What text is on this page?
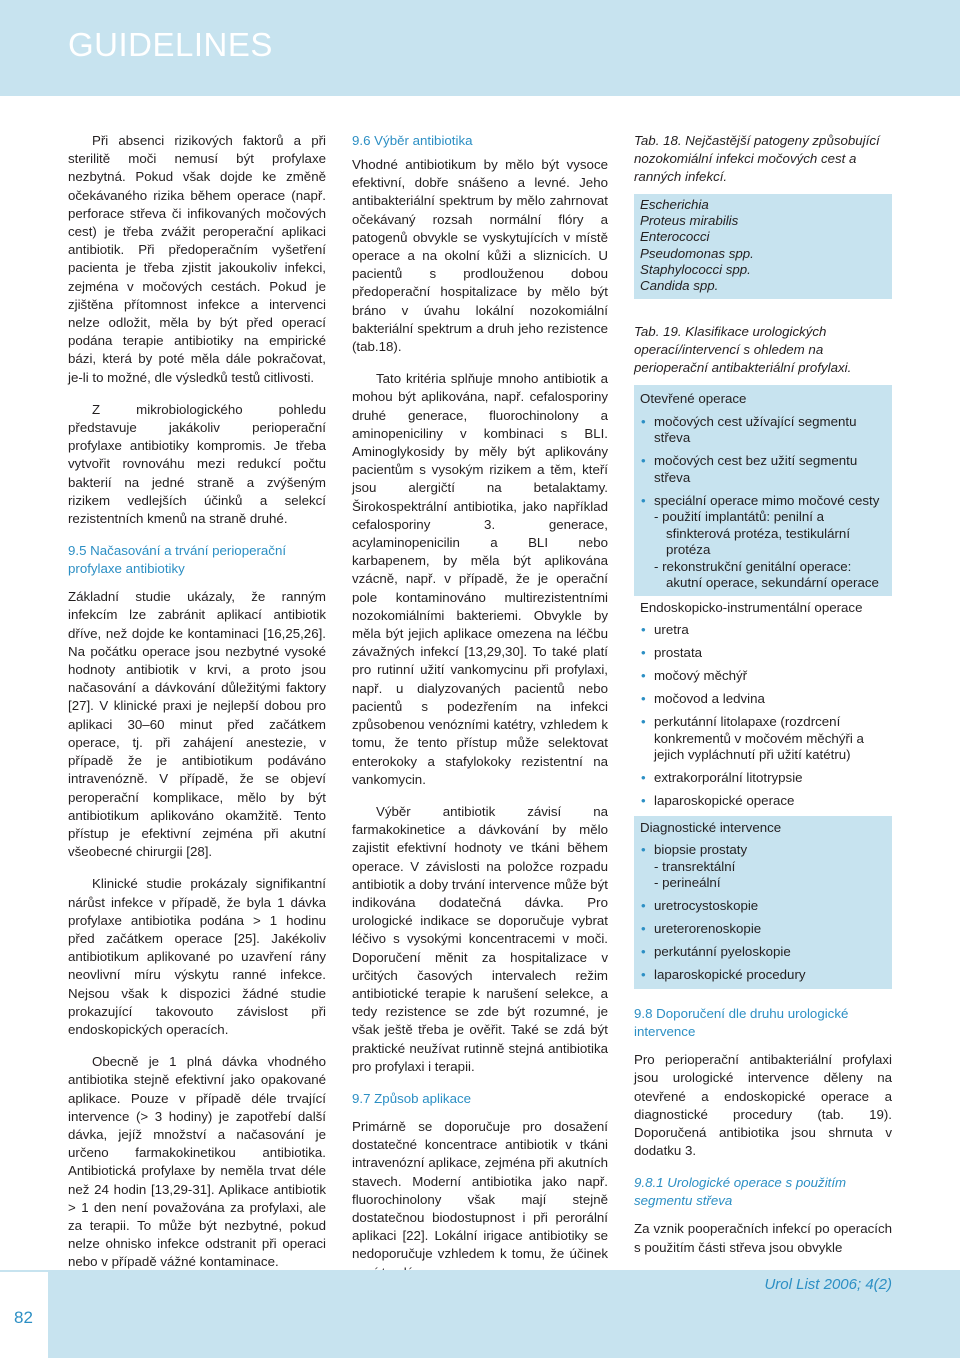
GUIDELINES

Při absenci rizikových faktorů a při sterilitě moči nemusí být profylaxe nezbytná. Pokud však dojde ke změně očekávaného rizika během operace (např. perforace střeva či infikovaných močových cest) je třeba zvážit peroperační aplikaci antibiotik. Při předoperačním vyšetření pacienta je třeba zjistit jakoukoliv infekci, zejména v močových cestách. Pokud je zjištěna přítomnost infekce a intervenci nelze odložit, měla by být před operací podána terapie antibiotiky na empirické bázi, která by poté měla dále pokračovat, je-li to možné, dle výsledků testů citlivosti.

Z mikrobiologického pohledu představuje jakákoliv perioperační profylaxe antibiotiky kompromis. Je třeba vytvořit rovnováhu mezi redukcí počtu bakterií na jedné straně a zvýšeným rizikem vedlejších účinků a selekcí rezistentních kmenů na straně druhé.

9.5 Načasování a trvání perioperační profylaxe antibiotiky

Základní studie ukázaly, že ranným infekcím lze zabránit aplikací antibiotik dříve, než dojde ke kontaminaci [16,25,26]. Na počátku operace jsou nezbytné vysoké hodnoty antibiotik v krvi, a proto jsou načasování a dávkování důležitými faktory [27]. V klinické praxi je nejlepší dobou pro aplikaci 30–60 minut před začátkem operace, tj. při zahájení anestezie, v případě že je antibiotikum podáváno intravenózně. V případě, že se objeví peroperační komplikace, mělo by být antibiotikum aplikováno okamžitě. Tento přístup je efektivní zejména při akutní všeobecné chirurgii [28].

Klinické studie prokázaly signifikantní nárůst infekce v případě, že byla 1 dávka profylaxe antibiotika podána > 1 hodinu před začátkem operace [25]. Jakékoliv antibiotikum aplikované po uzavření rány neovlivní míru výskytu ranné infekce. Nejsou však k dispozici žádné studie prokazující takovouto závislost při endoskopických operacích.

Obecně je 1 plná dávka vhodného antibiotika stejně efektivní jako opakované aplikace. Pouze v případě déle trvající intervence (> 3 hodiny) je zapotřebí další dávka, jejíž množství a načasování je určeno farmakokinetikou antibiotika. Antibiotická profylaxe by neměla trvat déle než 24 hodin [13,29-31]. Aplikace antibiotik > 1 den není považována za profylaxi, ale za terapii. To může být nezbytné, pokud nelze ohnisko infekce odstranit při operaci nebo v případě vážné kontaminace.

9.6 Výběr antibiotika

Vhodné antibiotikum by mělo být vysoce efektivní, dobře snášeno a levné. Jeho antibakteriální spektrum by mělo zahrnovat očekávaný rozsah normální flóry a patogenů obvykle se vyskytujících v místě operace a na okolní kůži a sliznicích. U pacientů s prodlouženou dobou předoperační hospitalizace by mělo být bráno v úvahu lokální nozokomiální bakteriální spektrum a druh jeho rezistence (tab.18).

Tato kritéria splňuje mnoho antibiotik a mohou být aplikována, např. cefalosporiny druhé generace, fluorochinolony a aminopeniciliny v kombinaci s BLI. Aminoglykosidy by měly být aplikovány pacientům s vysokým rizikem a těm, kteří jsou alergičtí na betalaktamy. Širokospektrální antibiotika, jako například cefalosporiny 3. generace, acylaminopenicilin a BLI nebo karbapenem, by měla být aplikována vzácně, např. v případě, že je operační pole kontaminováno multirezistentními nozokomiálními bakteriemi. Obvykle by měla být jejich aplikace omezena na léčbu závažných infekcí [13,29,30]. To také platí pro rutinní užití vankomycinu při profylaxi, např. u dialyzovaných pacientů nebo pacientů s podezřením na infekci způsobenou venózními katétry, vzhledem k tomu, že tento přístup může selektovat enterokoky a stafylokoky rezistentní na vankomycin.

Výběr antibiotik závisí na farmakokinetice a dávkování by mělo zajistit efektivní hodnoty ve tkáni během operace. V závislosti na položce rozpadu antibiotik a doby trvání intervence může být indikována dodatečná dávka. Pro urologické indikace se doporučuje vybrat léčivo s vysokými koncentracemi v moči. Doporučení měnit za hospitalizace v určitých časových intervalech režim antibiotické terapie k narušení selekce, a tedy rezistence se zde být rozumné, je však ještě třeba je ověřit. Také se zdá být praktické neužívat rutinně stejná antibiotika pro profylaxi i terapii.

9.7 Způsob aplikace

Primárně se doporučuje pro dosažení dostatečné koncentrace antibiotik v tkáni intravenózní aplikace, zejména při akutních stavech. Moderní antibiotika jako např. fluorochinolony však mají stejně dostatečnou biodostupnost i při perorální aplikaci [22]. Lokální irigace antibiotiky se nedoporučuje vzhledem k tomu, že účinek

Tab. 18. Nejčastější patogeny způsobující nozokomiální infekci močových cest a ranných infekcí.
Escherichia
Proteus mirabilis
Enterococci
Pseudomonas spp.
Staphylococci spp.
Candida spp.
Tab. 19. Klasifikace urologických operací/intervencí s ohledem na perioperační antibakteriální profylaxi.
Otevřené operace
• močových cest užívající segmentu střeva
• močových cest bez užití segmentu střeva
• speciální operace mimo močové cesty
- použití implantátů: penilní a sfinkterová protéza, testikulární protéza
- rekonstrukční genitální operace: akutní operace, sekundární operace
Endoskopicko-instrumentální operace
• uretra
• prostata
• močový měchýř
• močovod a ledvina
• perkutánní litolapaxe (rozdrcení konkrementů v močovém měchýři a jejich vypláchnutí při užití katétru)
• extrakorporální litotrypsie
• laparoskopické operace
Diagnostické intervence
• biopsie prostaty
- transrektální
- perineální
• uretrocystoskopie
• ureterorenoskopie
• perkutánní pyeloskopie
• laparoskopické procedury
9.8 Doporučení dle druhu urologické intervence

Pro perioperační antibakteriální profylaxi jsou urologické intervence děleny na otevřené a endoskopické operace a diagnostické procedury (tab. 19). Doporučená antibiotika jsou shrnuta v dodatku 3.

9.8.1 Urologické operace s použitím segmentu střeva

Za vznik pooperačních infekcí po operacích s použitím části střeva jsou obvykle

82
Urol List 2006; 4(2)
